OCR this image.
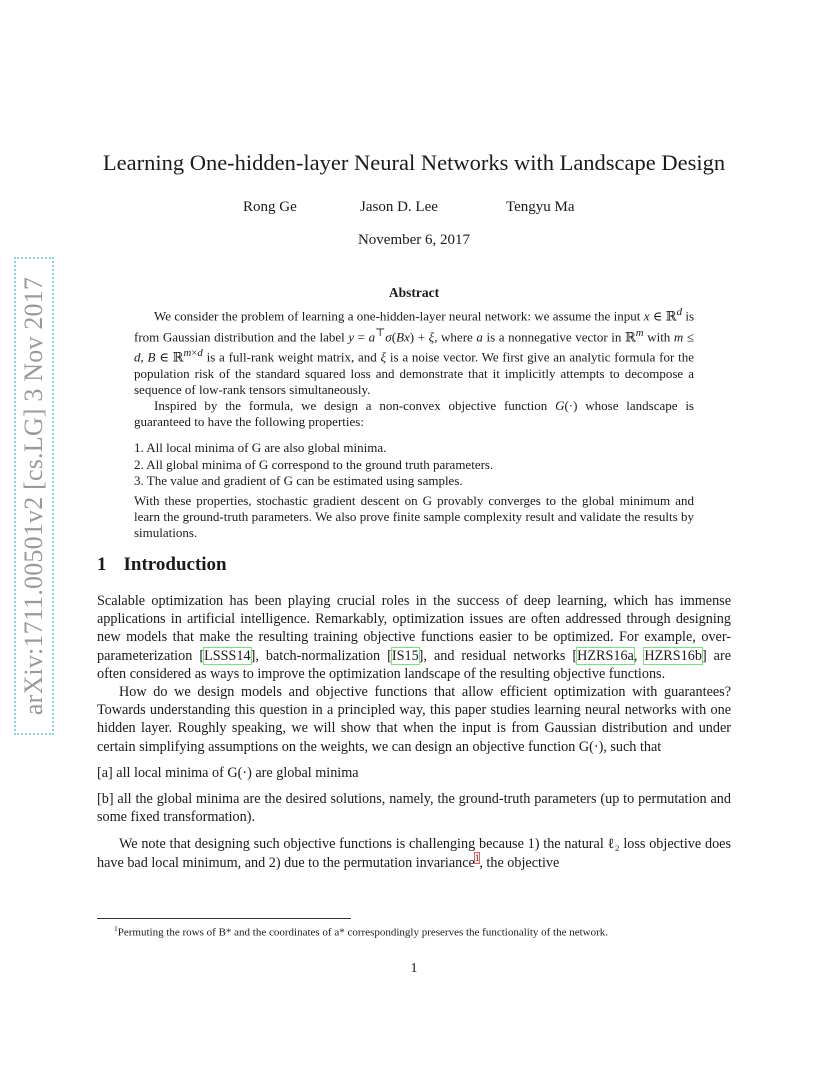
arXiv:1711.00501v2 [cs.LG] 3 Nov 2017
Learning One-hidden-layer Neural Networks with Landscape Design
Rong Ge	Jason D. Lee	Tengyu Ma
November 6, 2017
Abstract

We consider the problem of learning a one-hidden-layer neural network: we assume the input x ∈ ℝ$^d$ is from Gaussian distribution and the label y = a⊤σ(Bx) + ξ, where a is a nonnegative vector in ℝ$^m$ with m ≤ d, B ∈ ℝ$^{m\times d}$ is a full-rank weight matrix, and ξ is a noise vector. We first give an analytic formula for the population risk of the standard squared loss and demonstrate that it implicitly attempts to decompose a sequence of low-rank tensors simultaneously.

Inspired by the formula, we design a non-convex objective function G(·) whose landscape is guaranteed to have the following properties:

1. All local minima of G are also global minima.
2. All global minima of G correspond to the ground truth parameters.
3. The value and gradient of G can be estimated using samples.

With these properties, stochastic gradient descent on G provably converges to the global minimum and learn the ground-truth parameters. We also prove finite sample complexity result and validate the results by simulations.

1 Introduction

Scalable optimization has been playing crucial roles in the success of deep learning, which has immense applications in artificial intelligence. Remarkably, optimization issues are often addressed through designing new models that make the resulting training objective functions easier to be optimized. For example, over-parameterization [LSSS14], batch-normalization [IS15], and residual networks [HZRS16a, HZRS16b] are often considered as ways to improve the optimization landscape of the resulting objective functions.

How do we design models and objective functions that allow efficient optimization with guarantees? Towards understanding this question in a principled way, this paper studies learning neural networks with one hidden layer. Roughly speaking, we will show that when the input is from Gaussian distribution and under certain simplifying assumptions on the weights, we can design an objective function G(·), such that

[a] all local minima of G(·) are global minima

[b] all the global minima are the desired solutions, namely, the ground-truth parameters (up to permutation and some fixed transformation).

We note that designing such objective functions is challenging because 1) the natural ℓ₂ loss objective does have bad local minimum, and 2) due to the permutation invariance$^1$, the objective

$^1$Permuting the rows of B* and the coordinates of a* correspondingly preserves the functionality of the network.
1
